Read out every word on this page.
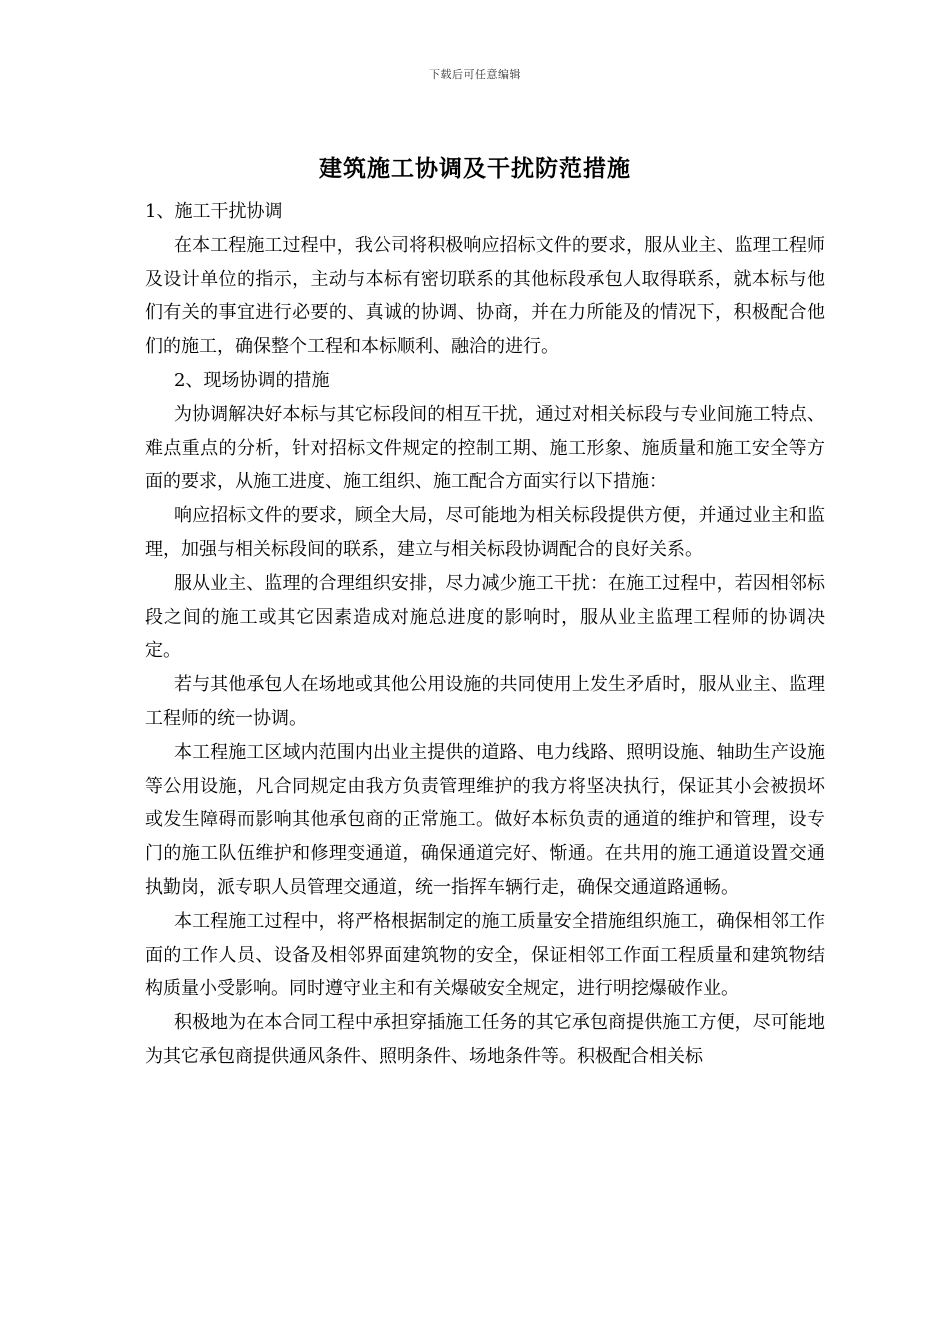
下载后可任意编辑
建筑施工协调及干扰防范措施

1、施工干扰协调

在本工程施工过程中，我公司将积极响应招标文件的要求，服从业主、监理工程师及设计单位的指示，主动与本标有密切联系的其他标段承包人取得联系，就本标与他们有关的事宜进行必要的、真诚的协调、协商，并在力所能及的情况下，积极配合他们的施工，确保整个工程和本标顺利、融洽的进行。

2、现场协调的措施

为协调解决好本标与其它标段间的相互干扰，通过对相关标段与专业间施工特点、难点重点的分析，针对招标文件规定的控制工期、施工形象、施质量和施工安全等方面的要求，从施工进度、施工组织、施工配合方面实行以下措施：

响应招标文件的要求，顾全大局，尽可能地为相关标段提供方便，并通过业主和监理，加强与相关标段间的联系，建立与相关标段协调配合的良好关系。

服从业主、监理的合理组织安排，尽力减少施工干扰：在施工过程中，若因相邻标段之间的施工或其它因素造成对施总进度的影响时，服从业主监理工程师的协调决定。

若与其他承包人在场地或其他公用设施的共同使用上发生矛盾时，服从业主、监理工程师的统一协调。

本工程施工区域内范围内出业主提供的道路、电力线路、照明设施、轴助生产设施等公用设施，凡合同规定由我方负责管理维护的我方将坚决执行，保证其小会被损坏或发生障碍而影响其他承包商的正常施工。做好本标负责的通道的维护和管理，设专门的施工队伍维护和修理变通道，确保通道完好、惭通。在共用的施工通道设置交通执勤岗，派专职人员管理交通道，统一指挥车辆行走，确保交通道路通畅。

本工程施工过程中，将严格根据制定的施工质量安全措施组织施工，确保相邻工作面的工作人员、设备及相邻界面建筑物的安全，保证相邻工作面工程质量和建筑物结构质量小受影响。同时遵守业主和有关爆破安全规定，进行明挖爆破作业。

积极地为在本合同工程中承担穿插施工任务的其它承包商提供施工方便，尽可能地为其它承包商提供通风条件、照明条件、场地条件等。积极配合相关标
